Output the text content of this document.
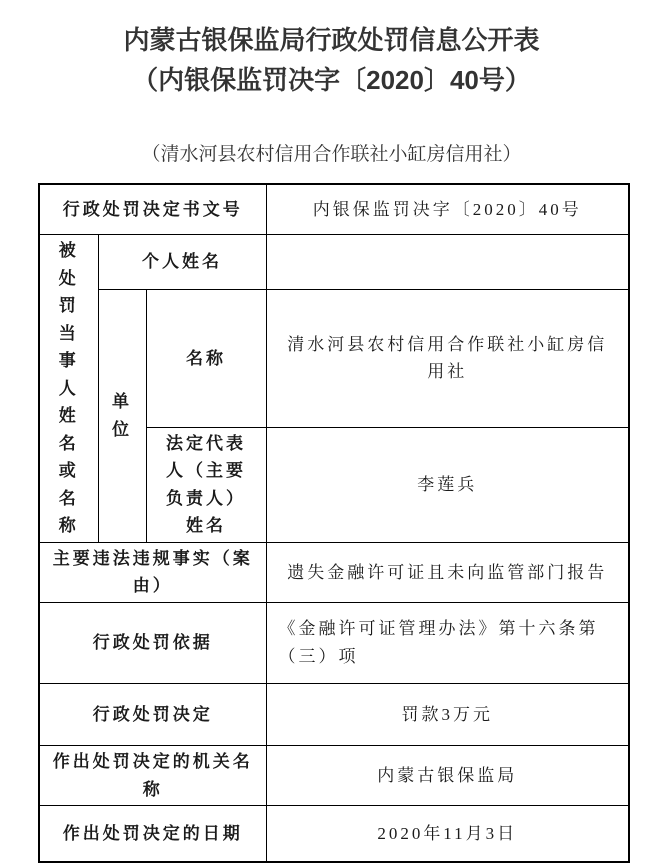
内蒙古银保监局行政处罚信息公开表
（内银保监罚决字〔2020〕40号）
（清水河县农村信用合作联社小缸房信用社）
行政处罚决定书文号			内银保监罚决字〔2020〕40号
被处罚当事人姓名或名称	个人姓名		
	单位	名称	清水河县农村信用合作联社小缸房信用社
		法定代表人（主要负责人）姓名	李莲兵
主要违法违规事实（案由）			遗失金融许可证且未向监管部门报告
行政处罚依据			《金融许可证管理办法》第十六条第（三）项
行政处罚决定			罚款3万元
作出处罚决定的机关名称			内蒙古银保监局
作出处罚决定的日期			2020年11月3日
